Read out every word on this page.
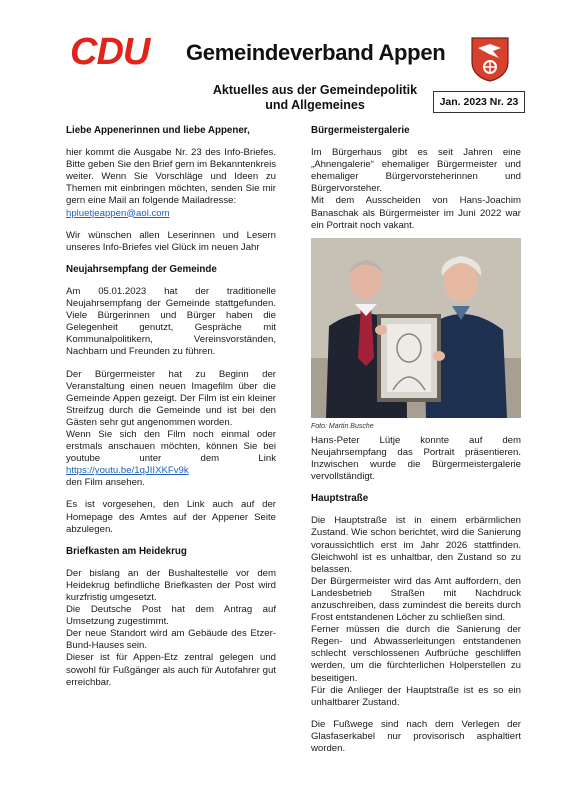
CDU	Gemeindeverband Appen
Aktuelles aus der Gemeindepolitik
und Allgemeines	Jan. 2023 Nr. 23
Liebe Appenerinnen und liebe Appener,

hier kommt die Ausgabe Nr. 23 des Info-Briefes. Bitte geben Sie den Brief gern im Bekanntenkreis weiter. Wenn Sie Vorschläge und Ideen zu Themen mit einbringen möchten, senden Sie mir gern eine Mail an folgende Mailadresse:

hpluetjeappen@aol.com

Wir wünschen allen Leserinnen und Lesern unseres Info-Briefes viel Glück im neuen Jahr

Neujahrsempfang der Gemeinde

Am 05.01.2023 hat der traditionelle Neujahrsempfang der Gemeinde stattgefunden. Viele Bürgerinnen und Bürger haben die Gelegenheit genutzt, Gespräche mit Kommunalpolitikern, Vereinsvorständen, Nachbarn und Freunden zu führen.

Der Bürgermeister hat zu Beginn der Veranstaltung einen neuen Imagefilm über die Gemeinde Appen gezeigt. Der Film ist ein kleiner Streifzug durch die Gemeinde und ist bei den Gästen sehr gut angenommen worden.

Wenn Sie sich den Film noch einmal oder erstmals anschauen möchten, können Sie bei youtube unter dem Link https://youtu.be/1qJIIXKFv9k

den Film ansehen.

Es ist vorgesehen, den Link auch auf der Homepage des Amtes auf der Appener Seite abzulegen.

Briefkasten am Heidekrug

Der bislang an der Bushaltestelle vor dem Heidekrug befindliche Briefkasten der Post wird kurzfristig umgesetzt.

Die Deutsche Post hat dem Antrag auf Umsetzung zugestimmt.

Der neue Standort wird am Gebäude des Etzer-Bund-Hauses sein.

Dieser ist für Appen-Etz zentral gelegen und sowohl für Fußgänger als auch für Autofahrer gut erreichbar.

Bürgermeistergalerie

Im Bürgerhaus gibt es seit Jahren eine „Ahnengalerie“ ehemaliger Bürgermeister und ehemaliger Bürgervorsteherinnen und Bürgervorsteher.

Mit dem Ausscheiden von Hans-Joachim Banaschak als Bürgermeister im Juni 2022 war ein Portrait noch vakant.

Foto: Martin Busche

Hans-Peter Lütje konnte auf dem Neujahrsempfang das Portrait präsentieren. Inzwischen wurde die Bürgermeistergalerie vervollständigt.

Hauptstraße

Die Hauptstraße ist in einem erbärmlichen Zustand. Wie schon berichtet, wird die Sanierung voraussichtlich erst im Jahr 2026 stattfinden. Gleichwohl ist es unhaltbar, den Zustand so zu belassen.

Der Bürgermeister wird das Amt auffordern, den Landesbetrieb Straßen mit Nachdruck anzuschreiben, dass zumindest die bereits durch Frost entstandenen Löcher zu schließen sind.

Ferner müssen die durch die Sanierung der Regen- und Abwasserleitungen entstandenen schlecht verschlossenen Aufbrüche geschliffen werden, um die fürchterlichen Holperstellen zu beseitigen.

Für die Anlieger der Hauptstraße ist es so ein unhaltbarer Zustand.

Die Fußwege sind nach dem Verlegen der Glasfaserkabel nur provisorisch asphaltiert worden.
